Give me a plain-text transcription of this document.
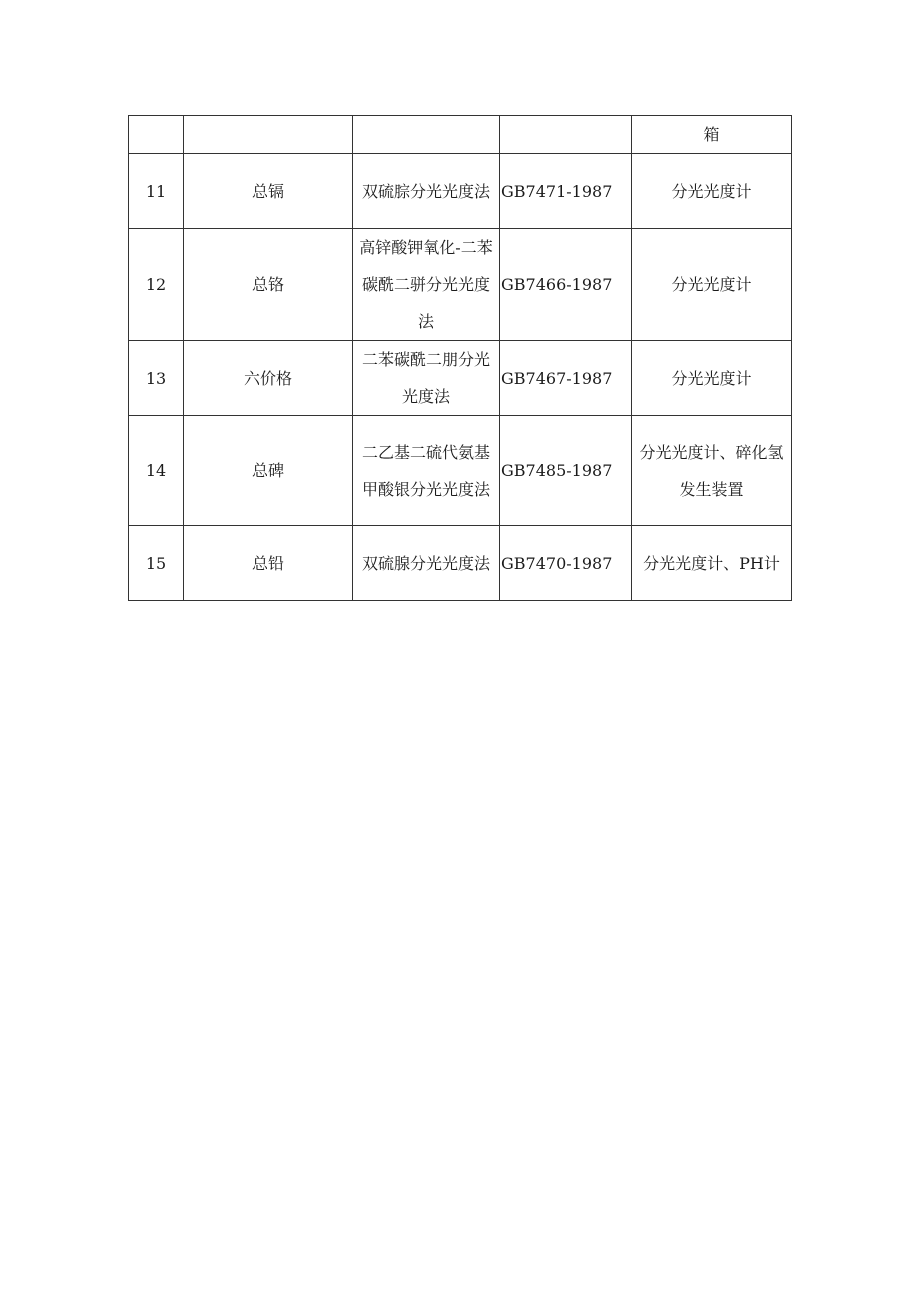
				箱
11	总镉	双硫腙分光光度法	GB7471-1987	分光光度计
12	总铬	高锌酸钾氧化-二苯碳酰二骈分光光度法	GB7466-1987	分光光度计
13	六价格	二苯碳酰二朋分光光度法	GB7467-1987	分光光度计
14	总碑	二乙基二硫代氨基甲酸银分光光度法	GB7485-1987	分光光度计、碎化氢发生装置
15	总铅	双硫腺分光光度法	GB7470-1987	分光光度计、PH计
